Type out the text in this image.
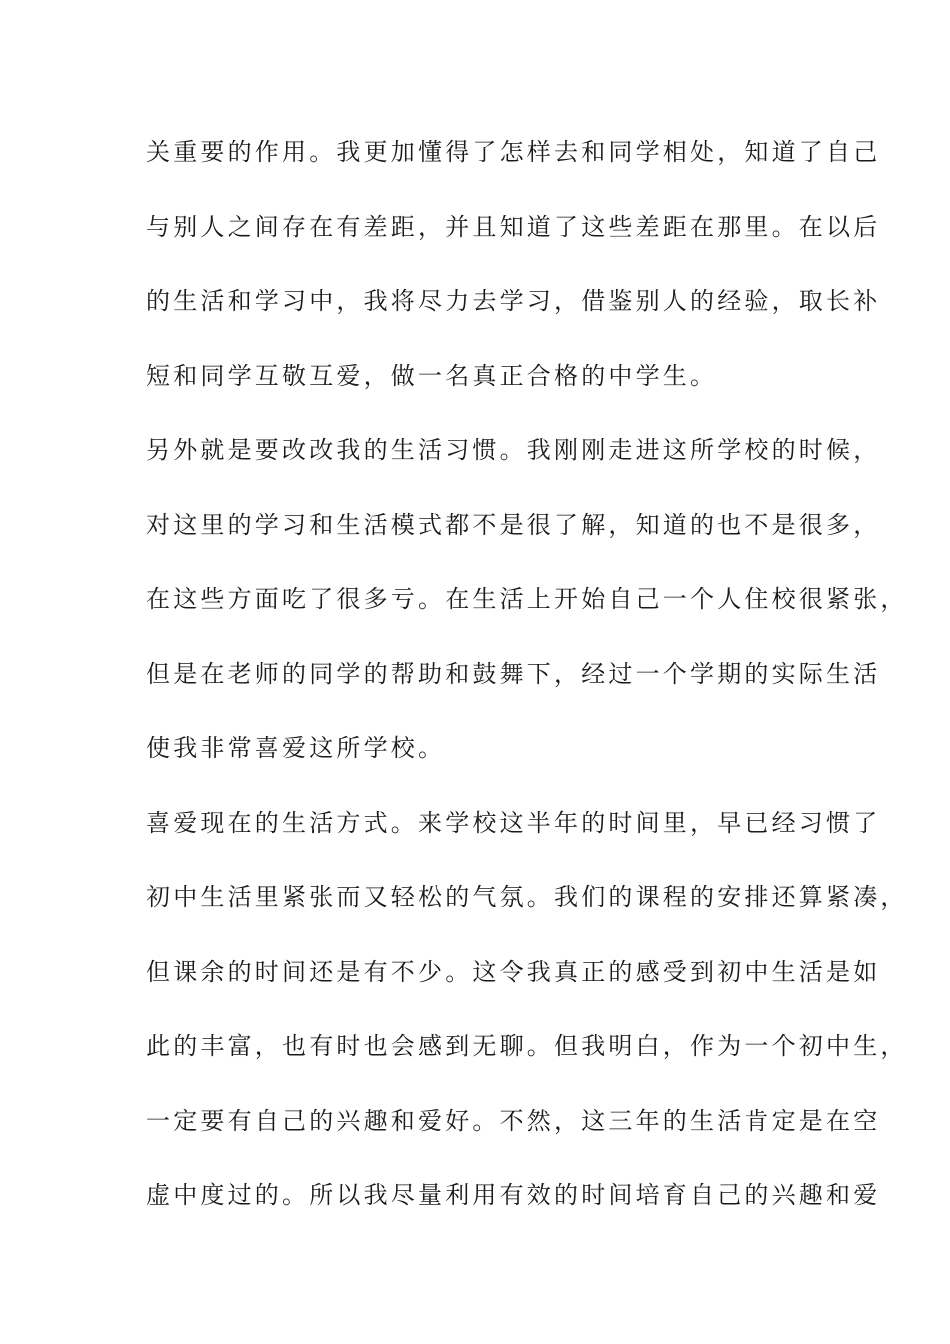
关重要的作用。我更加懂得了怎样去和同学相处，知道了自己
与别人之间存在有差距，并且知道了这些差距在那里。在以后
的生活和学习中，我将尽力去学习，借鉴别人的经验，取长补
短和同学互敬互爱，做一名真正合格的中学生。
另外就是要改改我的生活习惯。我刚刚走进这所学校的时候，
对这里的学习和生活模式都不是很了解，知道的也不是很多，
在这些方面吃了很多亏。在生活上开始自己一个人住校很紧张，
但是在老师的同学的帮助和鼓舞下，经过一个学期的实际生活
使我非常喜爱这所学校。
喜爱现在的生活方式。来学校这半年的时间里，早已经习惯了
初中生活里紧张而又轻松的气氛。我们的课程的安排还算紧凑，
但课余的时间还是有不少。这令我真正的感受到初中生活是如
此的丰富，也有时也会感到无聊。但我明白，作为一个初中生，
一定要有自己的兴趣和爱好。不然，这三年的生活肯定是在空
虚中度过的。所以我尽量利用有效的时间培育自己的兴趣和爱
